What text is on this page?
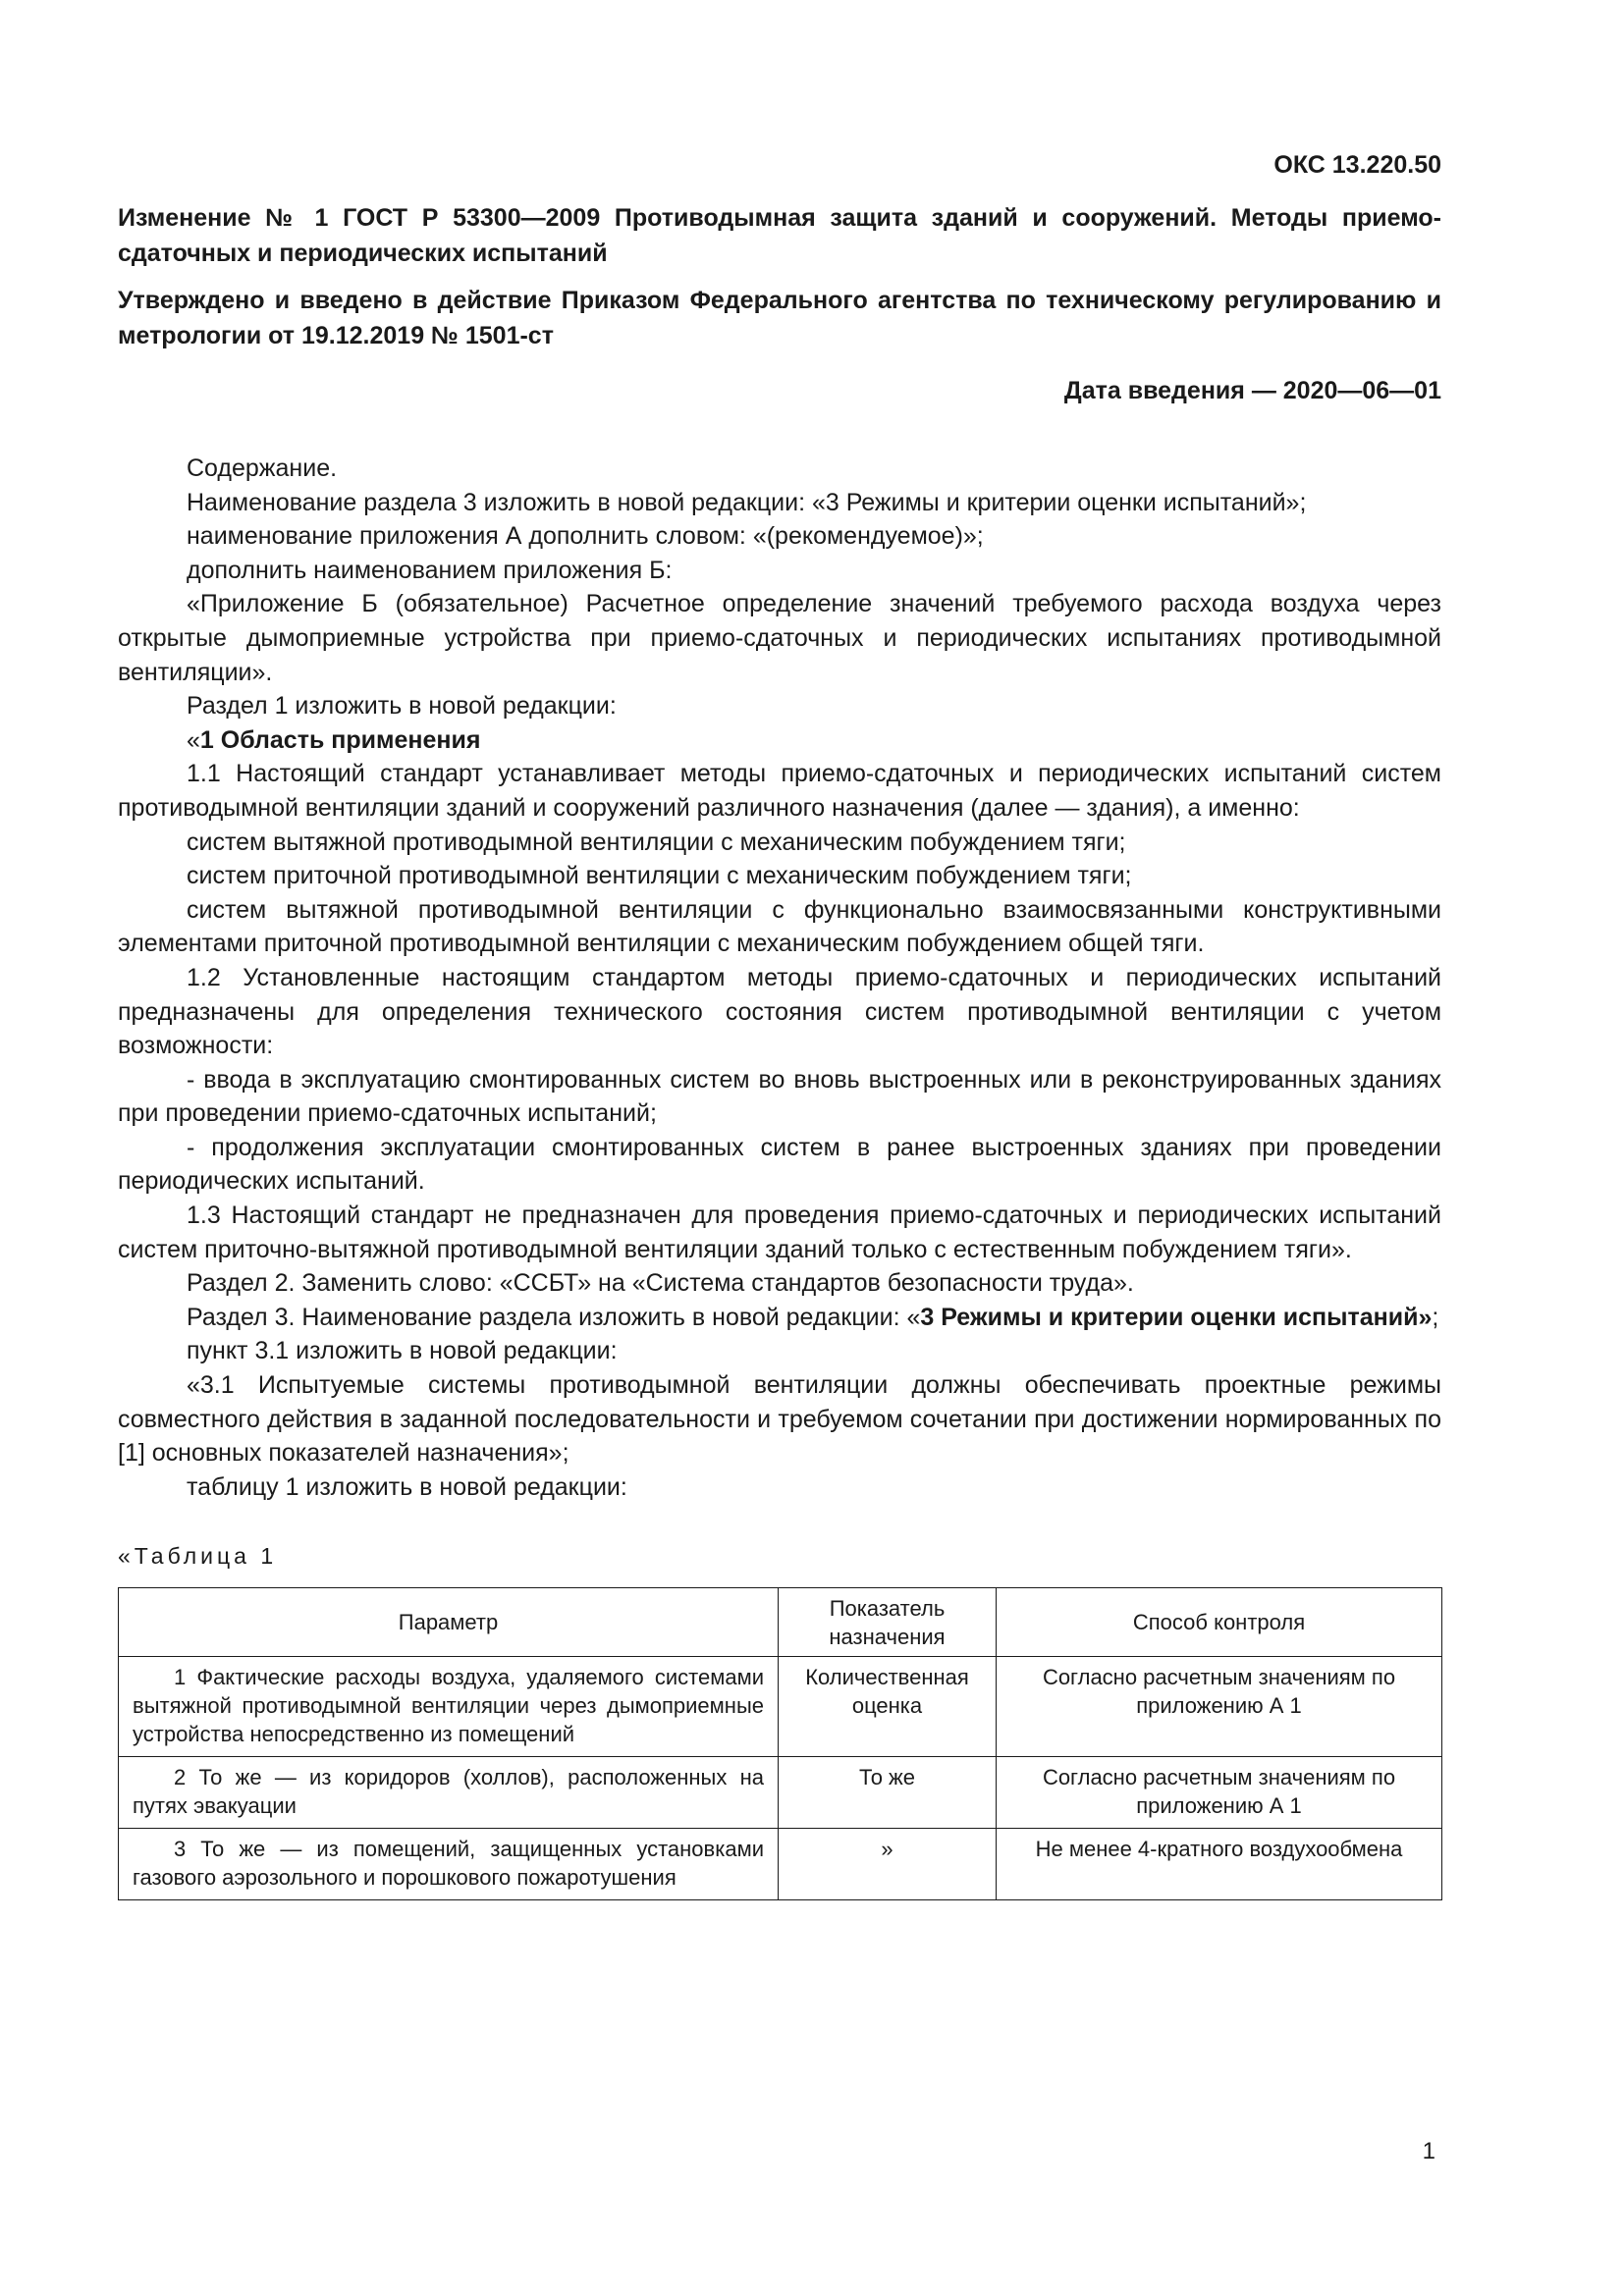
ОКС 13.220.50
Изменение № 1 ГОСТ Р 53300—2009 Противодымная защита зданий и сооружений. Методы приемо-сдаточных и периодических испытаний
Утверждено и введено в действие Приказом Федерального агентства по техническому регулированию и метрологии от 19.12.2019 № 1501-ст
Дата введения — 2020—06—01

Содержание.

Наименование раздела 3 изложить в новой редакции: «3 Режимы и критерии оценки испытаний»;

наименование приложения А дополнить словом: «(рекомендуемое)»;

дополнить наименованием приложения Б:

«Приложение Б (обязательное) Расчетное определение значений требуемого расхода воздуха через открытые дымоприемные устройства при приемо-сдаточных и периодических испытаниях противодымной вентиляции».

Раздел 1 изложить в новой редакции:

«1 Область применения

1.1 Настоящий стандарт устанавливает методы приемо-сдаточных и периодических испытаний систем противодымной вентиляции зданий и сооружений различного назначения (далее — здания), а именно:

систем вытяжной противодымной вентиляции с механическим побуждением тяги;

систем приточной противодымной вентиляции с механическим побуждением тяги;

систем вытяжной противодымной вентиляции с функционально взаимосвязанными конструктивными элементами приточной противодымной вентиляции с механическим побуждением общей тяги.

1.2 Установленные настоящим стандартом методы приемо-сдаточных и периодических испытаний предназначены для определения технического состояния систем противодымной вентиляции с учетом возможности:

- ввода в эксплуатацию смонтированных систем во вновь выстроенных или в реконструированных зданиях при проведении приемо-сдаточных испытаний;

- продолжения эксплуатации смонтированных систем в ранее выстроенных зданиях при проведении периодических испытаний.

1.3 Настоящий стандарт не предназначен для проведения приемо-сдаточных и периодических испытаний систем приточно-вытяжной противодымной вентиляции зданий только с естественным побуждением тяги».

Раздел 2. Заменить слово: «ССБТ» на «Система стандартов безопасности труда».

Раздел 3. Наименование раздела изложить в новой редакции: «3 Режимы и критерии оценки испытаний»;

пункт 3.1 изложить в новой редакции:

«3.1 Испытуемые системы противодымной вентиляции должны обеспечивать проектные режимы совместного действия в заданной последовательности и требуемом сочетании при достижении нормированных по [1] основных показателей назначения»;

таблицу 1 изложить в новой редакции:

«Таблица 1
Параметр	Показатель назначения	Способ контроля
1 Фактические расходы воздуха, удаляемого системами вытяжной противодымной вентиляции через дымоприемные устройства непосредственно из помещений	Количественная оценка	Согласно расчетным значениям по приложению А 1
2 То же — из коридоров (холлов), расположенных на путях эвакуации	То же	Согласно расчетным значениям по приложению А 1
3 То же — из помещений, защищенных установками газового аэрозольного и порошкового пожаротушения	»	Не менее 4-кратного воздухообмена
1
